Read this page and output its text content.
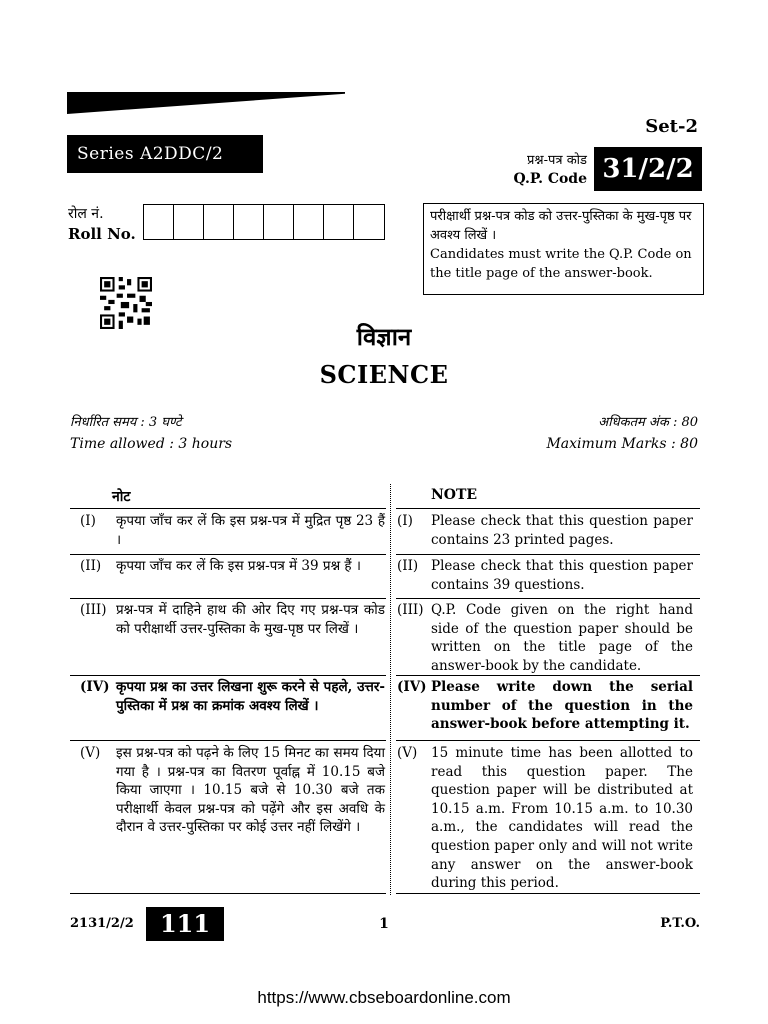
Series A2DDC/2
Set-2
प्रश्न-पत्र कोड
Q.P. Code 31/2/2
रोल नं.
Roll No.
परीक्षार्थी प्रश्न-पत्र कोड को उत्तर-पुस्तिका के मुख-पृष्ठ पर अवश्य लिखें ।
Candidates must write the Q.P. Code on the title page of the answer-book.
विज्ञान
SCIENCE
निर्धारित समय : 3 घण्टे
Time allowed : 3 hours
अधिकतम अंक : 80
Maximum Marks : 80
नोट	NOTE
(I) कृपया जाँच कर लें कि इस प्रश्न-पत्र में मुद्रित पृष्ठ 23 हैं ।
(I) Please check that this question paper contains 23 printed pages.
(II) कृपया जाँच कर लें कि इस प्रश्न-पत्र में 39 प्रश्न हैं ।	(II) Please check that this question paper contains 39 questions.
(III) प्रश्न-पत्र में दाहिने हाथ की ओर दिए गए प्रश्न-पत्र कोड को परीक्षार्थी उत्तर-पुस्तिका के मुख-पृष्ठ पर लिखें ।
(III) Q.P. Code given on the right hand side of the question paper should be written on the title page of the answer-book by the candidate.
(IV) कृपया प्रश्न का उत्तर लिखना शुरू करने से पहले, उत्तर-पुस्तिका में प्रश्न का क्रमांक अवश्य लिखें ।
(IV) Please write down the serial number of the question in the answer-book before attempting it.
(V) इस प्रश्न-पत्र को पढ़ने के लिए 15 मिनट का समय दिया गया है । प्रश्न-पत्र का वितरण पूर्वाह्न में 10.15 बजे किया जाएगा । 10.15 बजे से 10.30 बजे तक परीक्षार्थी केवल प्रश्न-पत्र को पढ़ेंगे और इस अवधि के दौरान वे उत्तर-पुस्तिका पर कोई उत्तर नहीं लिखेंगे ।
(V) 15 minute time has been allotted to read this question paper. The question paper will be distributed at 10.15 a.m. From 10.15 a.m. to 10.30 a.m., the candidates will read the question paper only and will not write any answer on the answer-book during this period.
2131/2/2	111 B
1	P.T.O.
https://www.cbseboardonline.com
